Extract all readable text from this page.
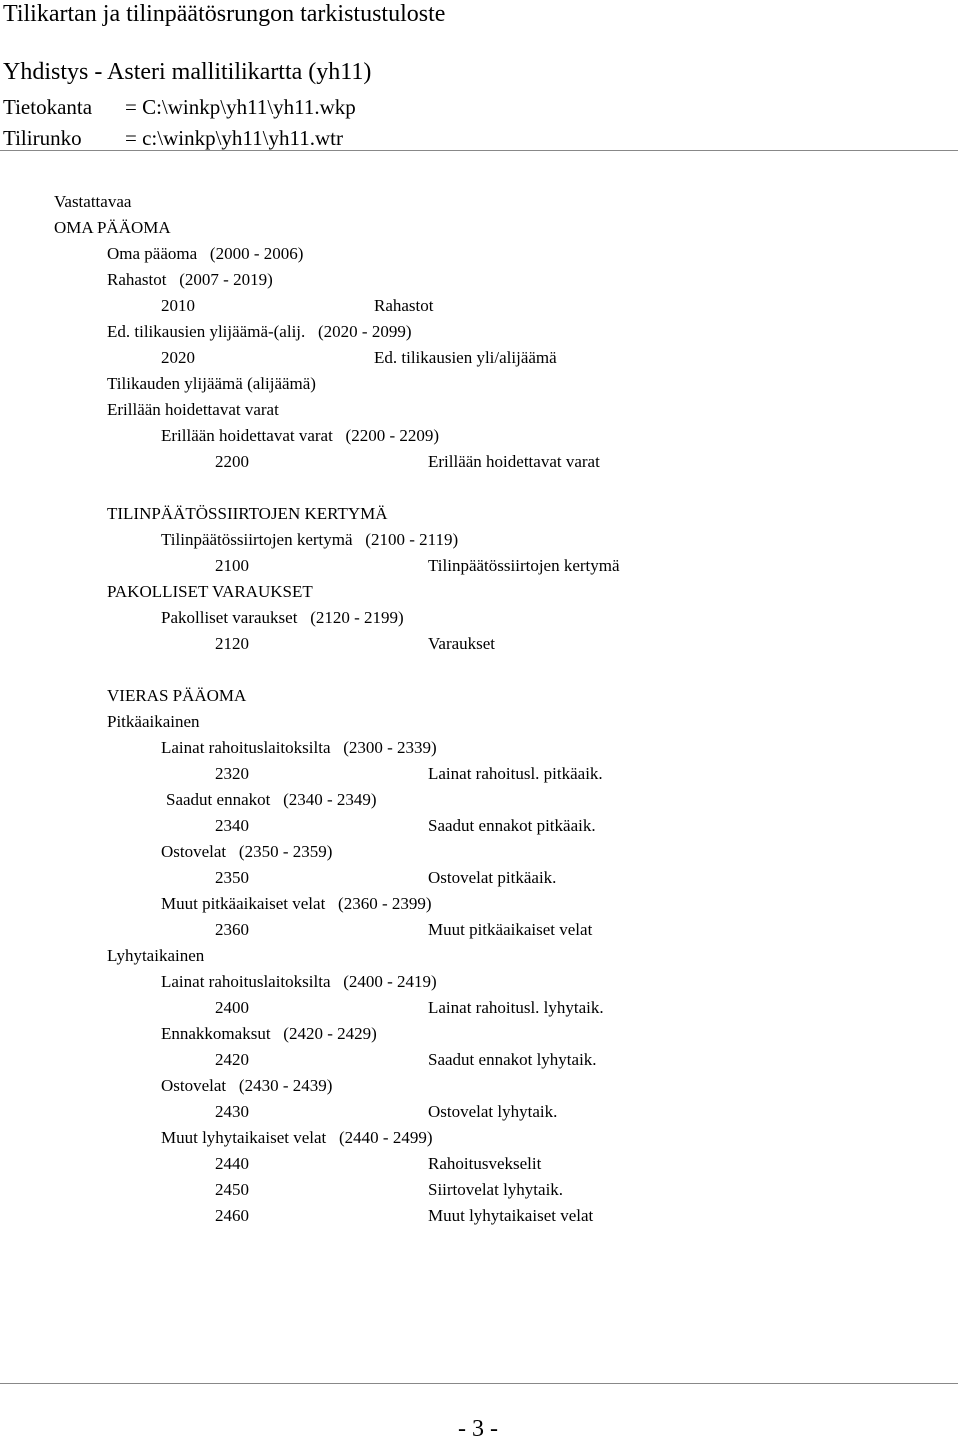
Tilikartan ja tilinpäätösrungon tarkistustuloste
Yhdistys - Asteri mallitilikartta (yh11)
Tietokanta = C:\winkp\yh11\yh11.wkp
Tilirunko = c:\winkp\yh11\yh11.wtr
Vastattavaa
OMA PÄÄOMA
Oma pääoma   (2000 - 2006)
Rahastot   (2007 - 2019)
2010	Rahastot
Ed. tilikausien ylijäämä-(alij.   (2020 - 2099)
2020	Ed. tilikausien yli/alijäämä
Tilikauden ylijäämä (alijäämä)
Erillään hoidettavat varat
Erillään hoidettavat varat   (2200 - 2209)
2200	Erillään hoidettavat varat
TILINPÄÄTÖSSIIRTOJEN KERTYMÄ
Tilinpäätössiirtojen kertymä   (2100 - 2119)
2100	Tilinpäätössiirtojen kertymä
PAKOLLISET VARAUKSET
Pakolliset varaukset   (2120 - 2199)
2120	Varaukset
VIERAS PÄÄOMA
Pitkäaikainen
Lainat rahoituslaitoksilta   (2300 - 2339)
2320	Lainat rahoitusl. pitkäaik.
Saadut ennakot   (2340 - 2349)
2340	Saadut ennakot pitkäaik.
Ostovelat   (2350 - 2359)
2350	Ostovelat pitkäaik.
Muut pitkäaikaiset velat   (2360 - 2399)
2360	Muut pitkäaikaiset velat
Lyhytaikainen
Lainat rahoituslaitoksilta   (2400 - 2419)
2400	Lainat rahoitusl. lyhytaik.
Ennakkomaksut   (2420 - 2429)
2420	Saadut ennakot lyhytaik.
Ostovelat   (2430 - 2439)
2430	Ostovelat lyhytaik.
Muut lyhytaikaiset velat   (2440 - 2499)
2440	Rahoitusvekselit
2450	Siirtovelat lyhytaik.
2460	Muut lyhytaikaiset velat
- 3 -
